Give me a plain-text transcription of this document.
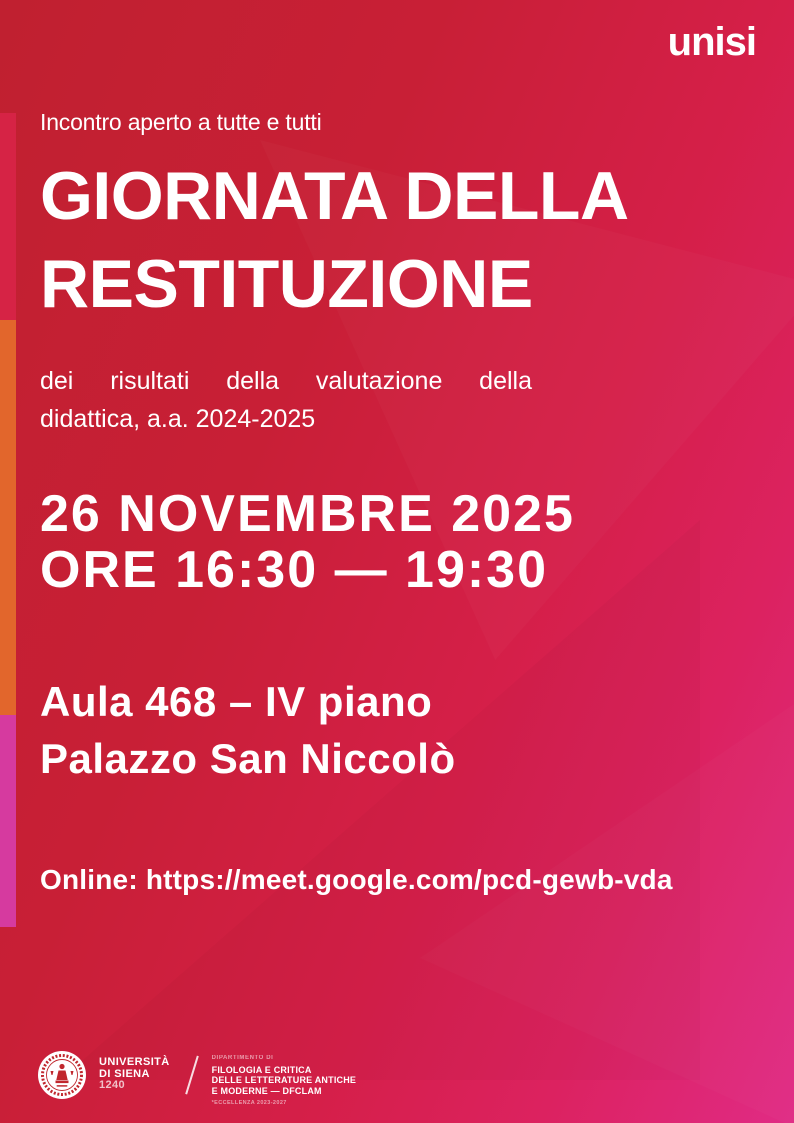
unisi
Incontro aperto a tutte e tutti
GIORNATA DELLA
RESTITUZIONE
dei risultati della valutazione della
didattica, a.a. 2024-2025
26 NOVEMBRE 2025
ORE 16:30 — 19:30
Aula 468 – IV piano
Palazzo San Niccolò
Online: https://meet.google.com/pcd-gewb-vda
UNIVERSITÀ
DI SIENA
1240
DIPARTIMENTO DI
FILOLOGIA E CRITICA
DELLE LETTERATURE ANTICHE
E MODERNE — DFCLAM
*ECCELLENZA 2023-2027
